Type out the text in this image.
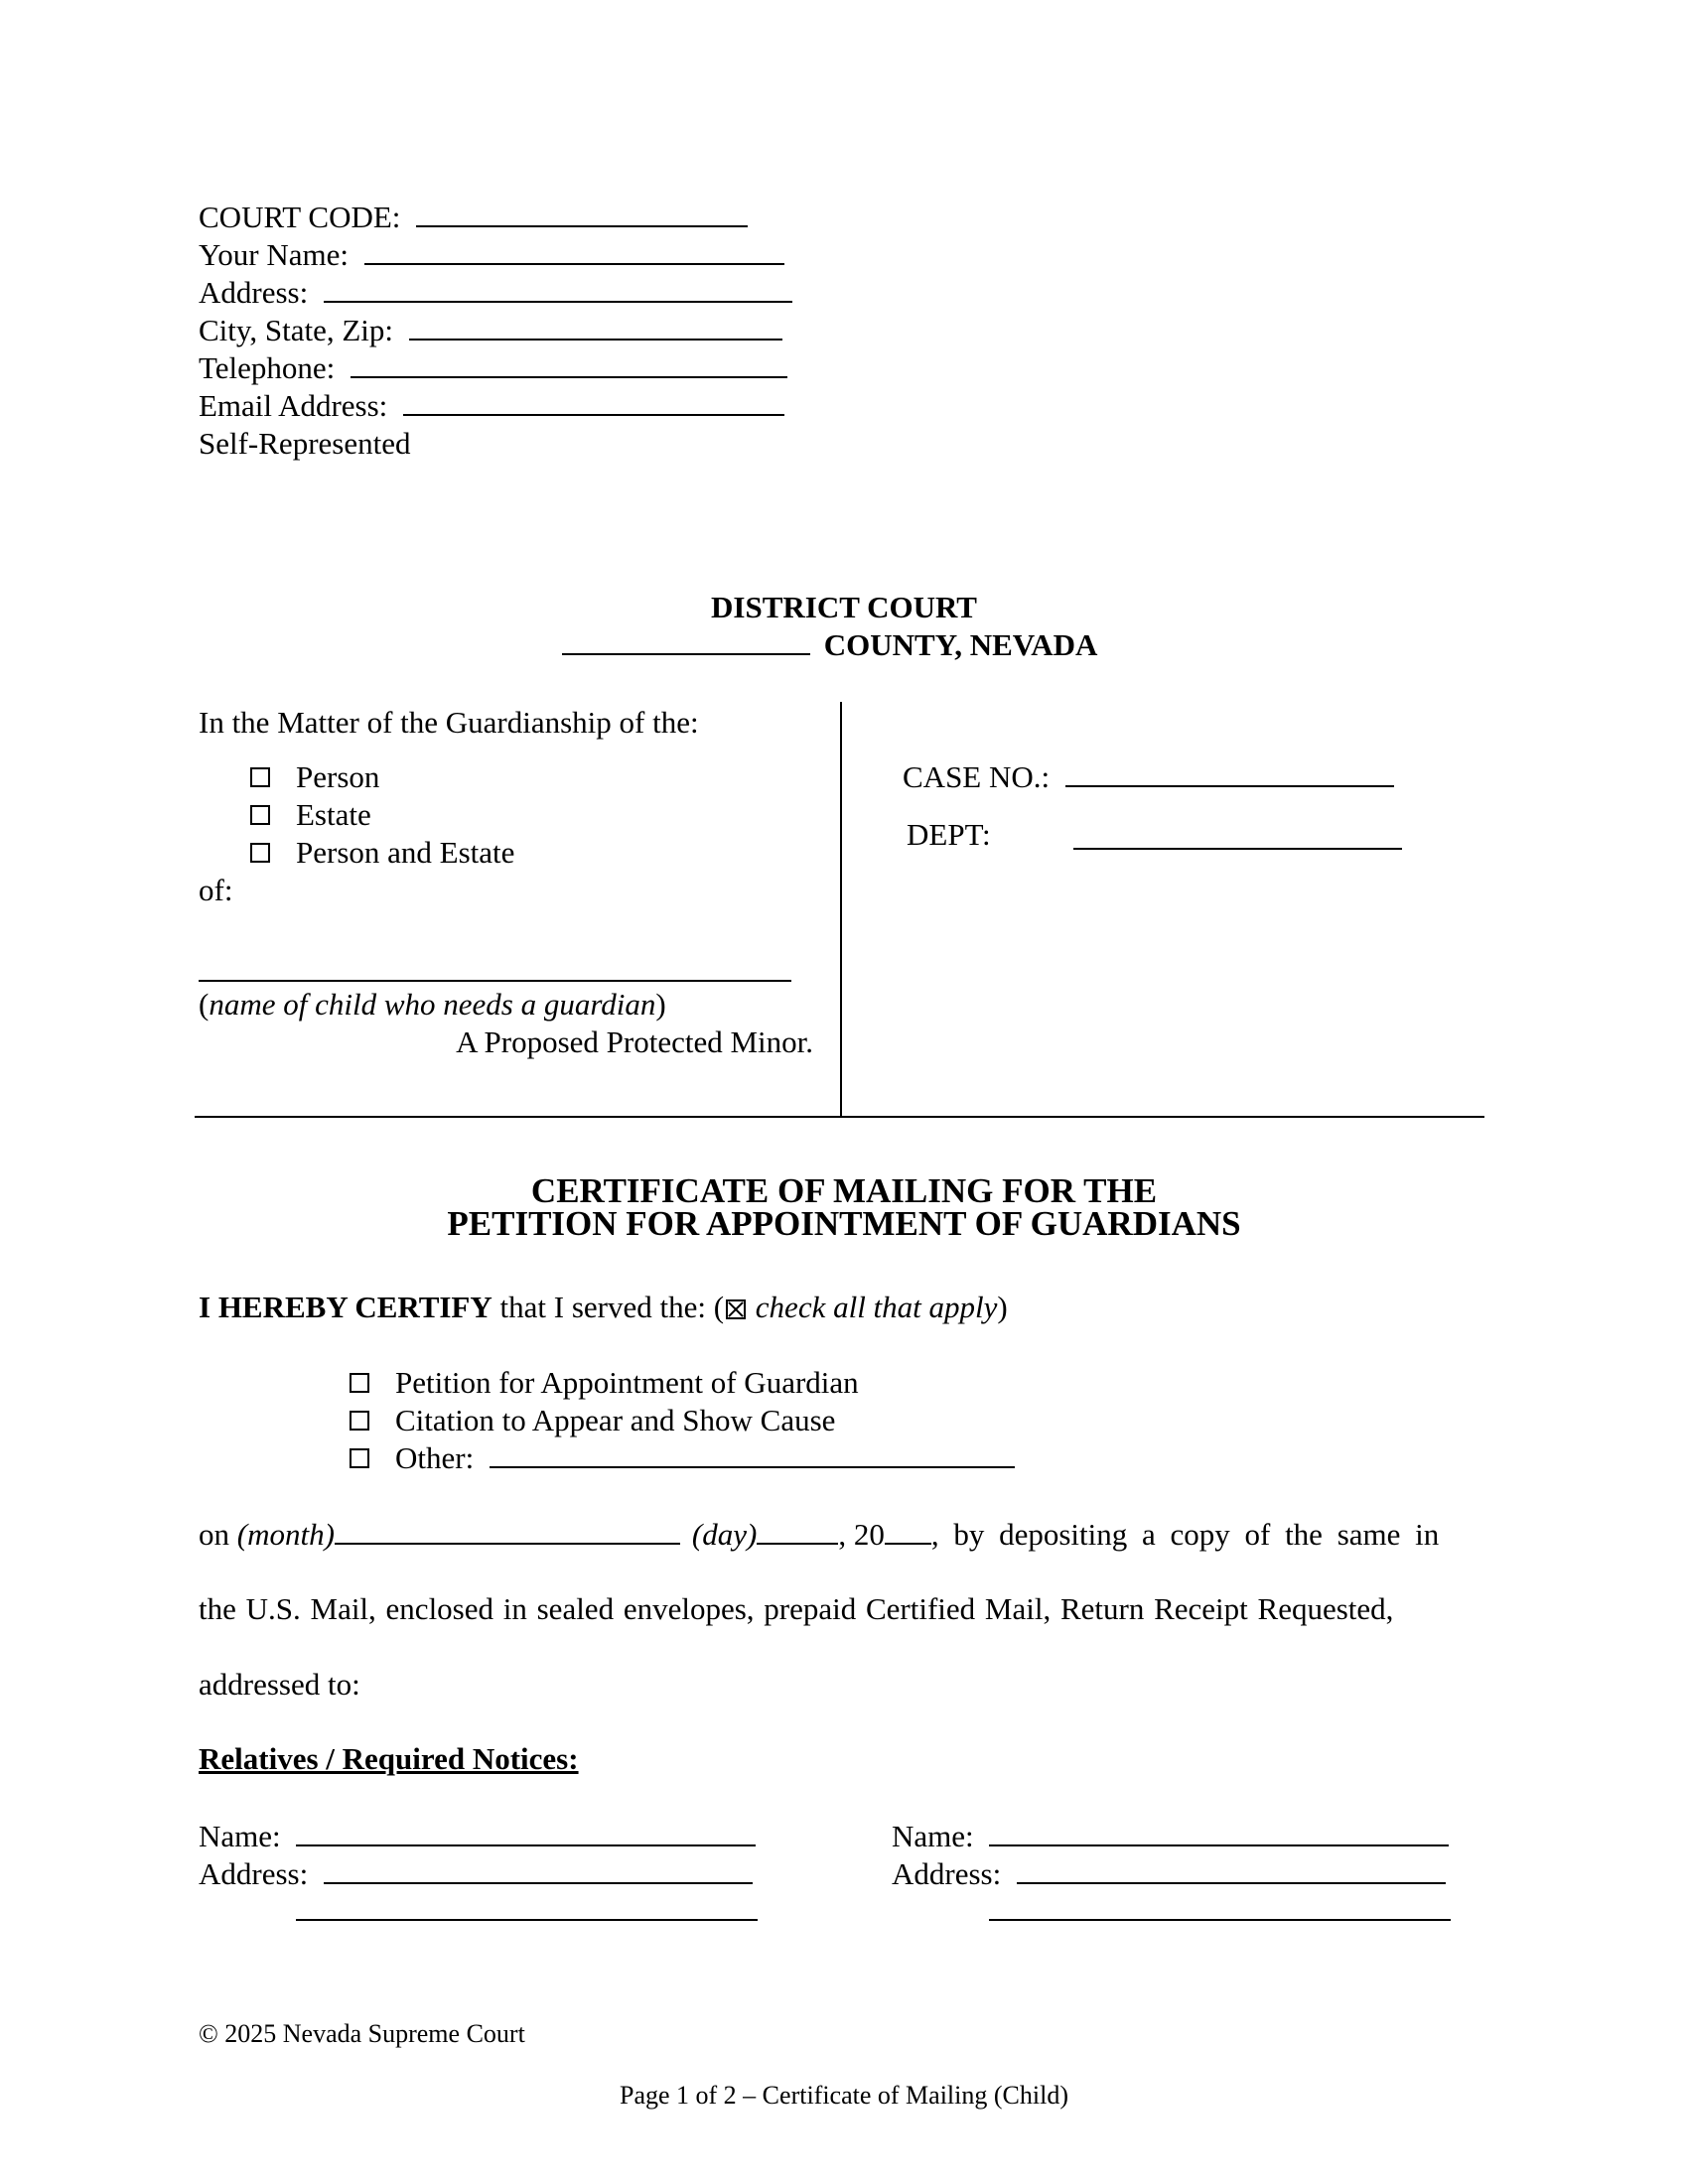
COURT CODE:
Your Name:
Address:
City, State, Zip:
Telephone:
Email Address:
Self-Represented
DISTRICT COURT
COUNTY, NEVADA
In the Matter of the Guardianship of the:
Person
Estate
Person and Estate
of:
(name of child who needs a guardian)
A Proposed Protected Minor.
CASE NO.:
DEPT:
CERTIFICATE OF MAILING FOR THE
PETITION FOR APPOINTMENT OF GUARDIANS
I HEREBY CERTIFY that I served the: ( check all that apply)
Petition for Appointment of Guardian
Citation to Appear and Show Cause
Other:
on (month)	(day)	, 20 , by depositing a copy of the same in
the U.S. Mail, enclosed in sealed envelopes, prepaid Certified Mail, Return Receipt Requested,
addressed to:
Relatives / Required Notices:
Name:
Address:
Name:
Address:
© 2025 Nevada Supreme Court
Page 1 of 2 – Certificate of Mailing (Child)
